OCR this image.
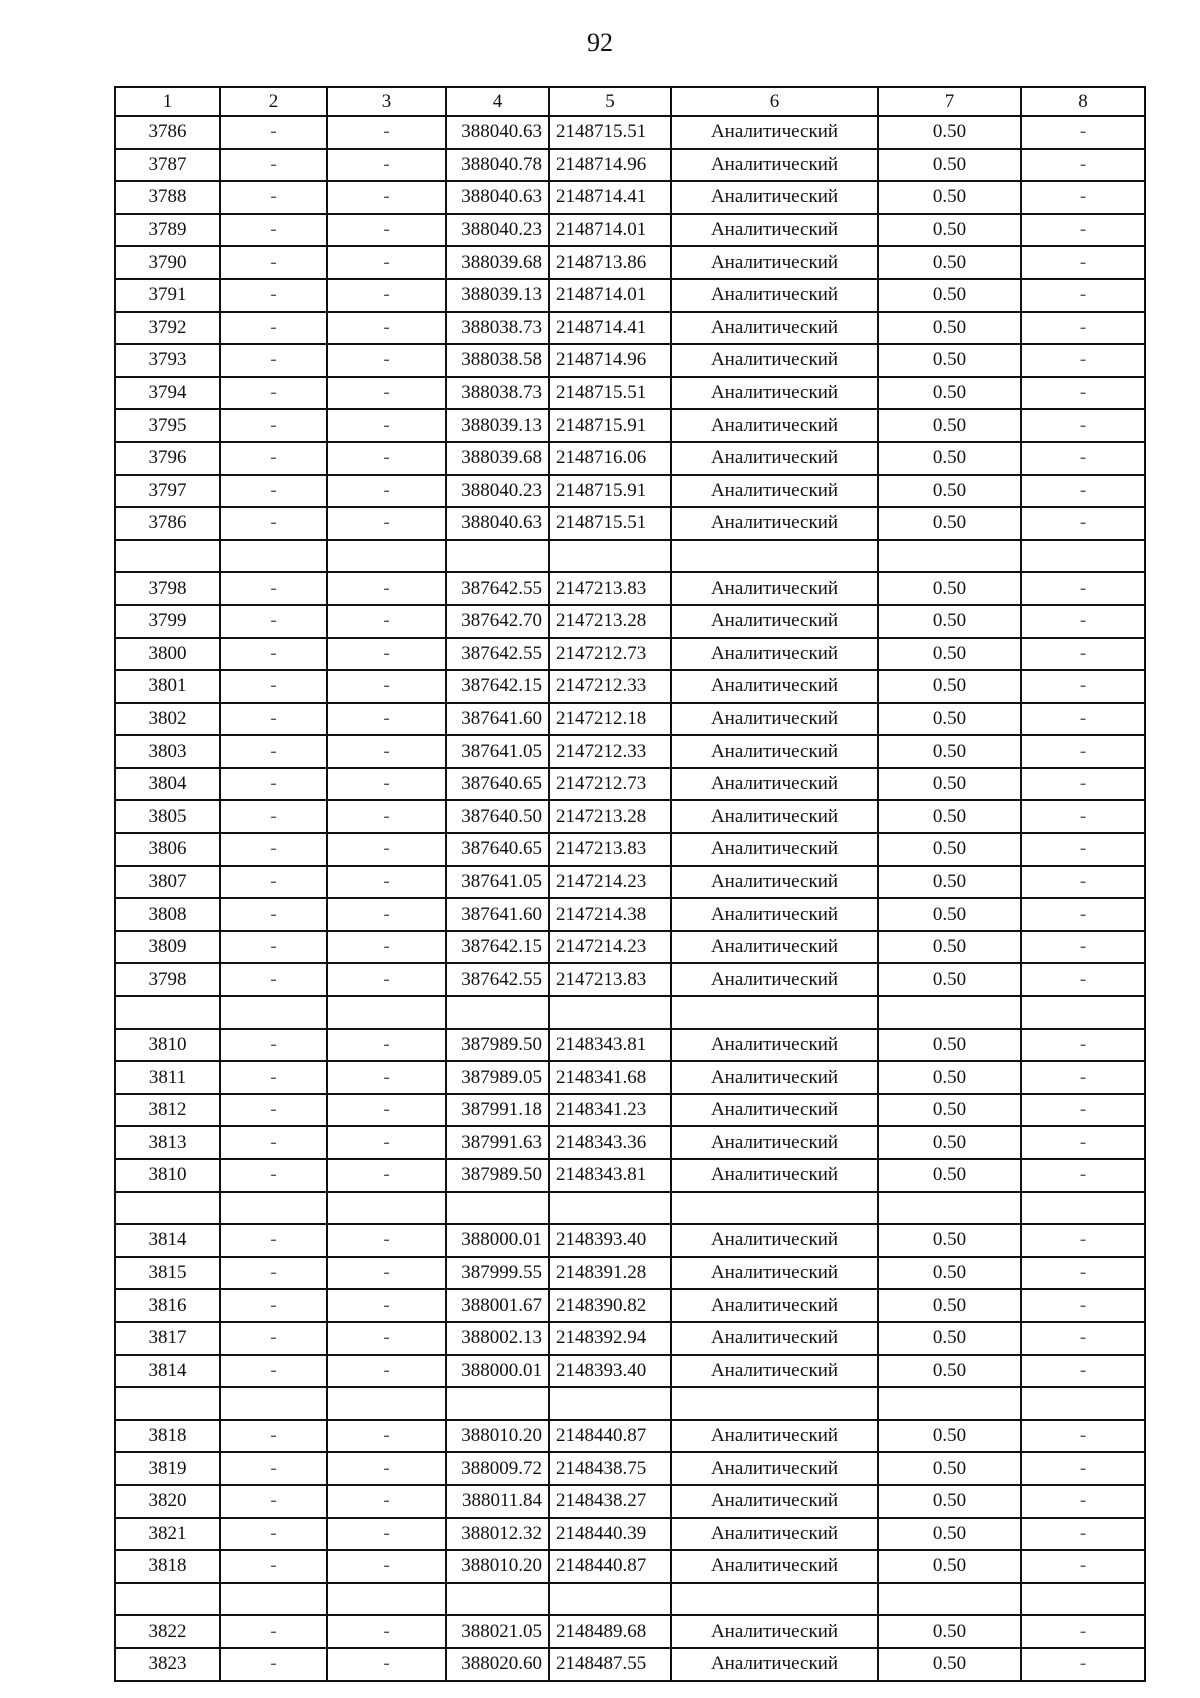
92
1	2	3	4	5	6	7	8
3786	-	-	388040.63	2148715.51	Аналитический	0.50	-
3787	-	-	388040.78	2148714.96	Аналитический	0.50	-
3788	-	-	388040.63	2148714.41	Аналитический	0.50	-
3789	-	-	388040.23	2148714.01	Аналитический	0.50	-
3790	-	-	388039.68	2148713.86	Аналитический	0.50	-
3791	-	-	388039.13	2148714.01	Аналитический	0.50	-
3792	-	-	388038.73	2148714.41	Аналитический	0.50	-
3793	-	-	388038.58	2148714.96	Аналитический	0.50	-
3794	-	-	388038.73	2148715.51	Аналитический	0.50	-
3795	-	-	388039.13	2148715.91	Аналитический	0.50	-
3796	-	-	388039.68	2148716.06	Аналитический	0.50	-
3797	-	-	388040.23	2148715.91	Аналитический	0.50	-
3786	-	-	388040.63	2148715.51	Аналитический	0.50	-

3798	-	-	387642.55	2147213.83	Аналитический	0.50	-
3799	-	-	387642.70	2147213.28	Аналитический	0.50	-
3800	-	-	387642.55	2147212.73	Аналитический	0.50	-
3801	-	-	387642.15	2147212.33	Аналитический	0.50	-
3802	-	-	387641.60	2147212.18	Аналитический	0.50	-
3803	-	-	387641.05	2147212.33	Аналитический	0.50	-
3804	-	-	387640.65	2147212.73	Аналитический	0.50	-
3805	-	-	387640.50	2147213.28	Аналитический	0.50	-
3806	-	-	387640.65	2147213.83	Аналитический	0.50	-
3807	-	-	387641.05	2147214.23	Аналитический	0.50	-
3808	-	-	387641.60	2147214.38	Аналитический	0.50	-
3809	-	-	387642.15	2147214.23	Аналитический	0.50	-
3798	-	-	387642.55	2147213.83	Аналитический	0.50	-

3810	-	-	387989.50	2148343.81	Аналитический	0.50	-
3811	-	-	387989.05	2148341.68	Аналитический	0.50	-
3812	-	-	387991.18	2148341.23	Аналитический	0.50	-
3813	-	-	387991.63	2148343.36	Аналитический	0.50	-
3810	-	-	387989.50	2148343.81	Аналитический	0.50	-

3814	-	-	388000.01	2148393.40	Аналитический	0.50	-
3815	-	-	387999.55	2148391.28	Аналитический	0.50	-
3816	-	-	388001.67	2148390.82	Аналитический	0.50	-
3817	-	-	388002.13	2148392.94	Аналитический	0.50	-
3814	-	-	388000.01	2148393.40	Аналитический	0.50	-

3818	-	-	388010.20	2148440.87	Аналитический	0.50	-
3819	-	-	388009.72	2148438.75	Аналитический	0.50	-
3820	-	-	388011.84	2148438.27	Аналитический	0.50	-
3821	-	-	388012.32	2148440.39	Аналитический	0.50	-
3818	-	-	388010.20	2148440.87	Аналитический	0.50	-

3822	-	-	388021.05	2148489.68	Аналитический	0.50	-
3823	-	-	388020.60	2148487.55	Аналитический	0.50	-
